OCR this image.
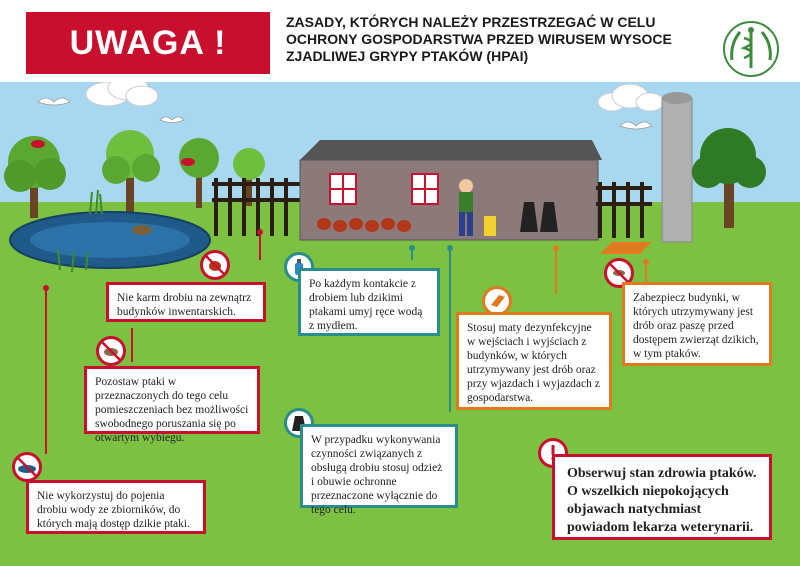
UWAGA !
ZASADY, KTÓRYCH NALEŻY PRZESTRZEGAĆ W CELU OCHRONY GOSPODARSTWA PRZED WIRUSEM WYSOCE ZJADLIWEJ GRYPY PTAKÓW (HPAI)
Nie karm drobiu na zewnątrz budynków inwentarskich.
Pozostaw ptaki w przeznaczonych do tego celu pomieszczeniach bez możliwości swobodnego poruszania się po otwartym wybiegu.
Nie wykorzystuj do pojenia drobiu wody ze zbiorników, do których mają dostęp dzikie ptaki.
Po każdym kontakcie z drobiem lub dzikimi ptakami umyj ręce wodą z mydłem.
W przypadku wykonywania czynności związanych z obsługą drobiu stosuj odzież i obuwie ochronne przeznaczone wyłącznie do tego celu.
Stosuj maty dezynfekcyjne w wejściach i wyjściach z budynków, w których utrzymywany jest drób oraz przy wjazdach i wyjazdach z gospodarstwa.
Zabezpiecz budynki, w których utrzymywany jest drób oraz paszę przed dostępem zwierząt dzikich, w tym ptaków.
Obserwuj stan zdrowia ptaków. O wszelkich niepokojących objawach natychmiast powiadom lekarza weterynarii.
